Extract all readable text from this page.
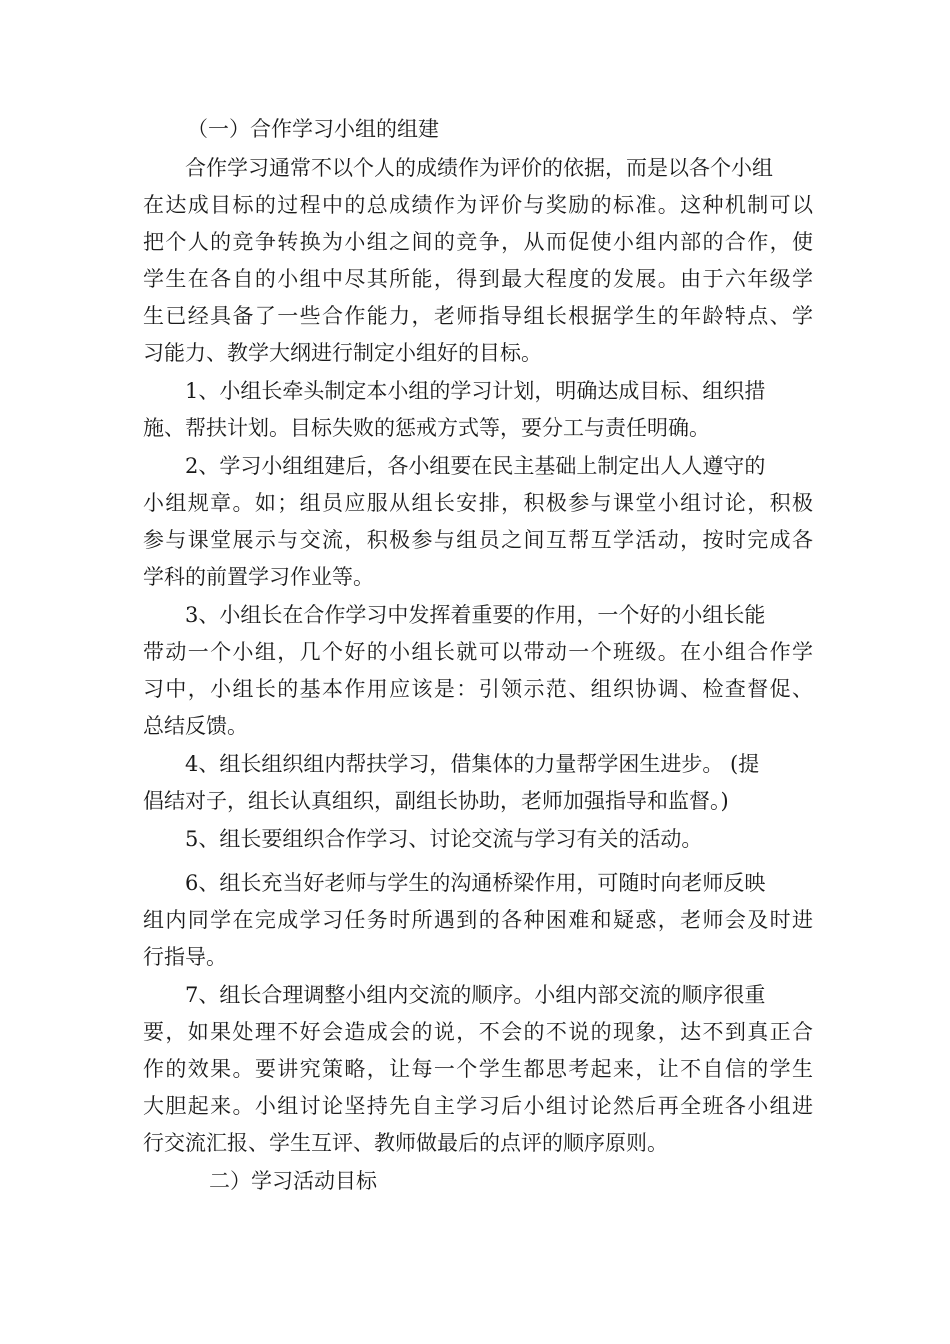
（一）合作学习小组的组建
合作学习通常不以个人的成绩作为评价的依据，而是以各个小组
在达成目标的过程中的总成绩作为评价与奖励的标准。这种机制可以
把个人的竞争转换为小组之间的竞争，从而促使小组内部的合作，使
学生在各自的小组中尽其所能，得到最大程度的发展。由于六年级学
生已经具备了一些合作能力，老师指导组长根据学生的年龄特点、学
习能力、教学大纲进行制定小组好的目标。
1、小组长牵头制定本小组的学习计划，明确达成目标、组织措
施、帮扶计划。目标失败的惩戒方式等，要分工与责任明确。
2、学习小组组建后，各小组要在民主基础上制定出人人遵守的
小组规章。如；组员应服从组长安排，积极参与课堂小组讨论，积极
参与课堂展示与交流，积极参与组员之间互帮互学活动，按时完成各
学科的前置学习作业等。
3、小组长在合作学习中发挥着重要的作用，一个好的小组长能
带动一个小组，几个好的小组长就可以带动一个班级。在小组合作学
习中，小组长的基本作用应该是：引领示范、组织协调、检查督促、
总结反馈。
4、组长组织组内帮扶学习，借集体的力量帮学困生进步。 (提
倡结对子，组长认真组织，副组长协助，老师加强指导和监督。)
5、组长要组织合作学习、讨论交流与学习有关的活动。
6、组长充当好老师与学生的沟通桥梁作用，可随时向老师反映
组内同学在完成学习任务时所遇到的各种困难和疑惑，老师会及时进
行指导。
7、组长合理调整小组内交流的顺序。小组内部交流的顺序很重
要，如果处理不好会造成会的说，不会的不说的现象，达不到真正合
作的效果。要讲究策略，让每一个学生都思考起来，让不自信的学生
大胆起来。小组讨论坚持先自主学习后小组讨论然后再全班各小组进
行交流汇报、学生互评、教师做最后的点评的顺序原则。
二）学习活动目标
